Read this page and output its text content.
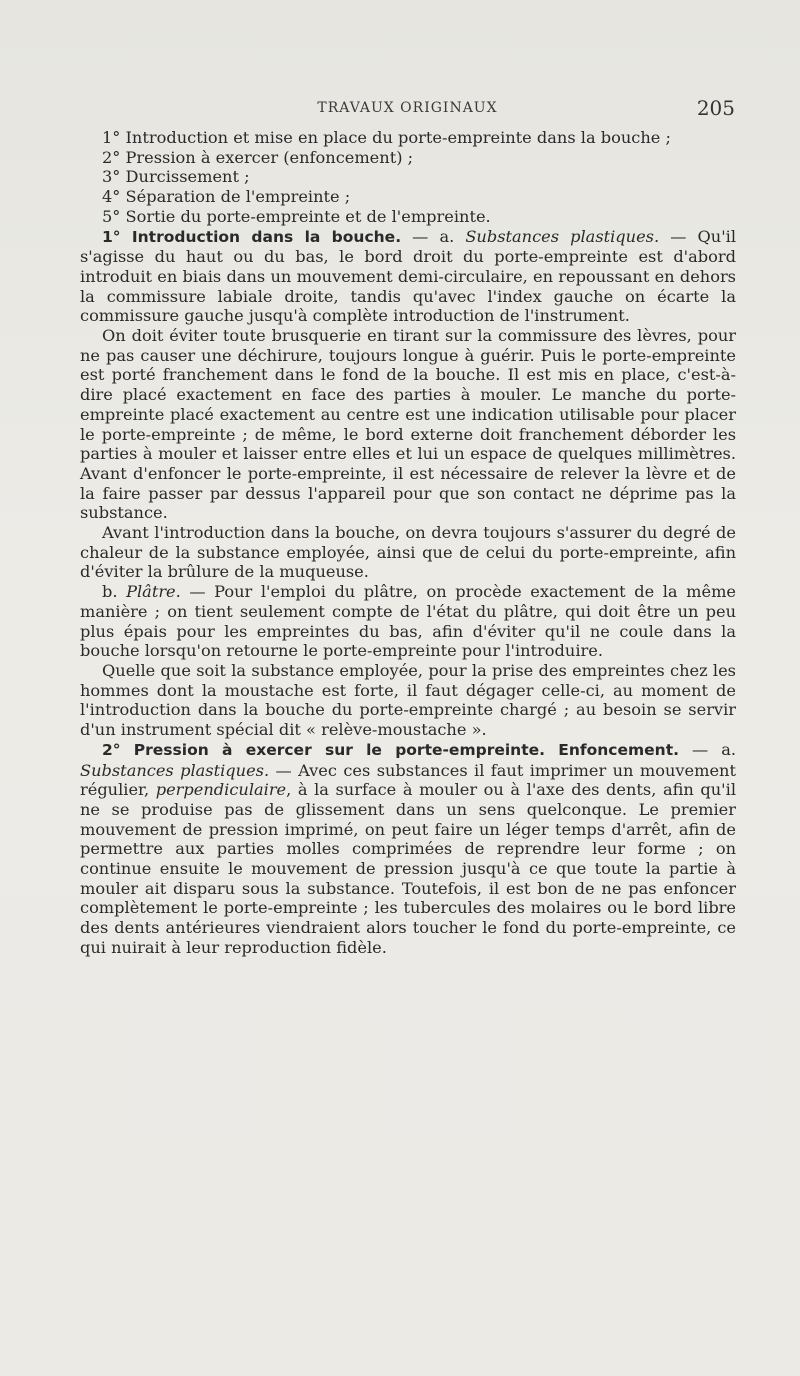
TRAVAUX ORIGINAUX	205

1° Introduction et mise en place du porte-empreinte dans la bouche ;

2° Pression à exercer (enfoncement) ;

3° Durcissement ;

4° Séparation de l'empreinte ;

5° Sortie du porte-empreinte et de l'empreinte.

1° Introduction dans la bouche. — a. Substances plastiques. — Qu'il s'agisse du haut ou du bas, le bord droit du porte-empreinte est d'abord introduit en biais dans un mouvement demi-circulaire, en repoussant en dehors la commissure labiale droite, tandis qu'avec l'index gauche on écarte la commissure gauche jusqu'à complète introduction de l'instrument.

On doit éviter toute brusquerie en tirant sur la commissure des lèvres, pour ne pas causer une déchirure, toujours longue à guérir. Puis le porte-empreinte est porté franchement dans le fond de la bouche. Il est mis en place, c'est-à-dire placé exactement en face des parties à mouler. Le manche du porte-empreinte placé exactement au centre est une indication utilisable pour placer le porte-empreinte ; de même, le bord externe doit franchement déborder les parties à mouler et laisser entre elles et lui un espace de quelques millimètres. Avant d'enfoncer le porte-empreinte, il est nécessaire de relever la lèvre et de la faire passer par dessus l'appareil pour que son contact ne déprime pas la substance.

Avant l'introduction dans la bouche, on devra toujours s'assurer du degré de chaleur de la substance employée, ainsi que de celui du porte-empreinte, afin d'éviter la brûlure de la muqueuse.

b. Plâtre. — Pour l'emploi du plâtre, on procède exactement de la même manière ; on tient seulement compte de l'état du plâtre, qui doit être un peu plus épais pour les empreintes du bas, afin d'éviter qu'il ne coule dans la bouche lorsqu'on retourne le porte-empreinte pour l'introduire.

Quelle que soit la substance employée, pour la prise des empreintes chez les hommes dont la moustache est forte, il faut dégager celle-ci, au moment de l'introduction dans la bouche du porte-empreinte chargé ; au besoin se servir d'un instrument spécial dit « relève-moustache ».

2° Pression à exercer sur le porte-empreinte. Enfoncement. — a. Substances plastiques. — Avec ces substances il faut imprimer un mouvement régulier, perpendiculaire, à la surface à mouler ou à l'axe des dents, afin qu'il ne se produise pas de glissement dans un sens quelconque. Le premier mouvement de pression imprimé, on peut faire un léger temps d'arrêt, afin de permettre aux parties molles comprimées de reprendre leur forme ; on continue ensuite le mouvement de pression jusqu'à ce que toute la partie à mouler ait disparu sous la substance. Toutefois, il est bon de ne pas enfoncer complètement le porte-empreinte ; les tubercules des molaires ou le bord libre des dents antérieures viendraient alors toucher le fond du porte-empreinte, ce qui nuirait à leur reproduction fidèle.
